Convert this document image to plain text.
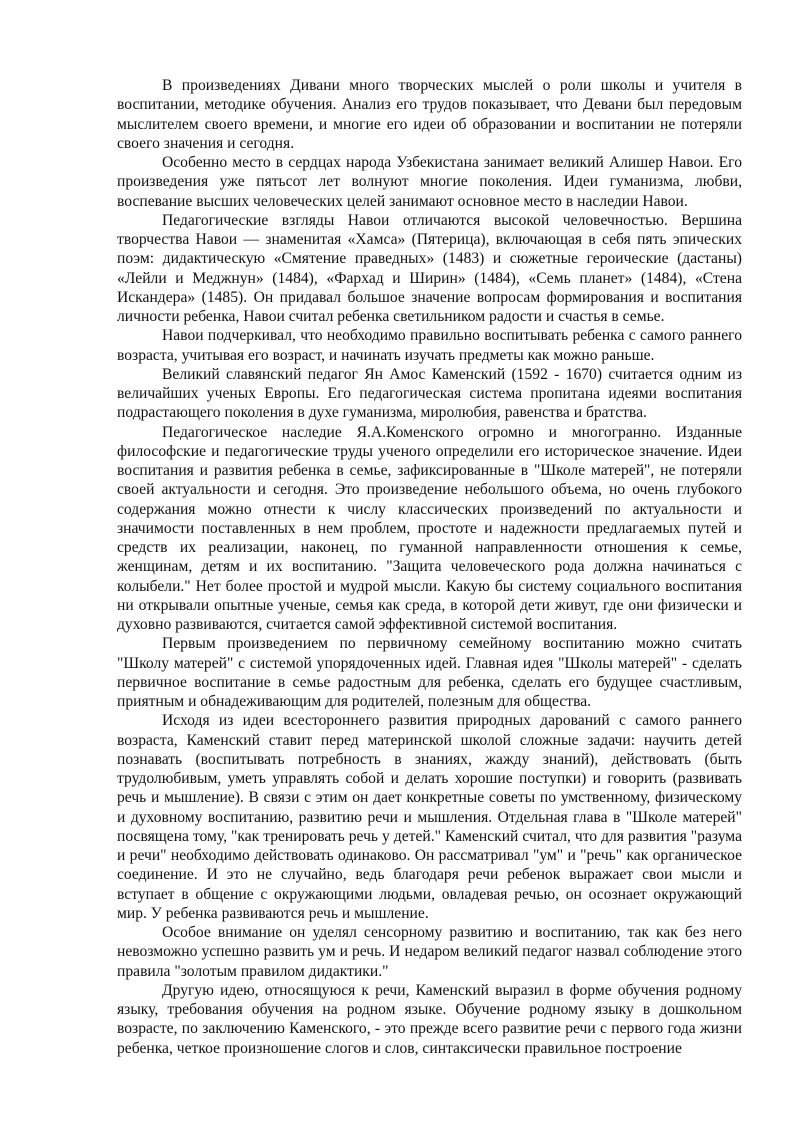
В произведениях Дивани много творческих мыслей о роли школы и учителя в воспитании, методике обучения. Анализ его трудов показывает, что Девани был передовым мыслителем своего времени, и многие его идеи об образовании и воспитании не потеряли своего значения и сегодня.

Особенно место в сердцах народа Узбекистана занимает великий Алишер Навои. Его произведения уже пятьсот лет волнуют многие поколения. Идеи гуманизма, любви, воспевание высших человеческих целей занимают основное место в наследии Навои.

Педагогические взгляды Навои отличаются высокой человечностью. Вершина творчества Навои — знаменитая «Хамса» (Пятерица), включающая в себя пять эпических поэм: дидактическую «Смятение праведных» (1483) и сюжетные героические (дастаны) «Лейли и Меджнун» (1484), «Фархад и Ширин» (1484), «Семь планет» (1484), «Стена Искандера» (1485). Он придавал большое значение вопросам формирования и воспитания личности ребенка, Навои считал ребенка светильником радости и счастья в семье.

Навои подчеркивал, что необходимо правильно воспитывать ребенка с самого раннего возраста, учитывая его возраст, и начинать изучать предметы как можно раньше.

Великий славянский педагог Ян Амос Каменский (1592 - 1670) считается одним из величайших ученых Европы. Его педагогическая система пропитана идеями воспитания подрастающего поколения в духе гуманизма, миролюбия, равенства и братства.

Педагогическое наследие Я.А.Коменского огромно и многогранно. Изданные философские и педагогические труды ученого определили его историческое значение. Идеи воспитания и развития ребенка в семье, зафиксированные в "Школе матерей", не потеряли своей актуальности и сегодня. Это произведение небольшого объема, но очень глубокого содержания можно отнести к числу классических произведений по актуальности и значимости поставленных в нем проблем, простоте и надежности предлагаемых путей и средств их реализации, наконец, по гуманной направленности отношения к семье, женщинам, детям и их воспитанию. "Защита человеческого рода должна начинаться с колыбели." Нет более простой и мудрой мысли. Какую бы систему социального воспитания ни открывали опытные ученые, семья как среда, в которой дети живут, где они физически и духовно развиваются, считается самой эффективной системой воспитания.

Первым произведением по первичному семейному воспитанию можно считать "Школу матерей" с системой упорядоченных идей. Главная идея "Школы матерей" - сделать первичное воспитание в семье радостным для ребенка, сделать его будущее счастливым, приятным и обнадеживающим для родителей, полезным для общества.

Исходя из идеи всестороннего развития природных дарований с самого раннего возраста, Каменский ставит перед материнской школой сложные задачи: научить детей познавать (воспитывать потребность в знаниях, жажду знаний), действовать (быть трудолюбивым, уметь управлять собой и делать хорошие поступки) и говорить (развивать речь и мышление). В связи с этим он дает конкретные советы по умственному, физическому и духовному воспитанию, развитию речи и мышления. Отдельная глава в "Школе матерей" посвящена тому, "как тренировать речь у детей." Каменский считал, что для развития "разума и речи" необходимо действовать одинаково. Он рассматривал "ум" и "речь" как органическое соединение. И это не случайно, ведь благодаря речи ребенок выражает свои мысли и вступает в общение с окружающими людьми, овладевая речью, он осознает окружающий мир. У ребенка развиваются речь и мышление.

Особое внимание он уделял сенсорному развитию и воспитанию, так как без него невозможно успешно развить ум и речь. И недаром великий педагог назвал соблюдение этого правила "золотым правилом дидактики."

Другую идею, относящуюся к речи, Каменский выразил в форме обучения родному языку, требования обучения на родном языке. Обучение родному языку в дошкольном возрасте, по заключению Каменского, - это прежде всего развитие речи с первого года жизни ребенка, четкое произношение слогов и слов, синтаксически правильное построение
